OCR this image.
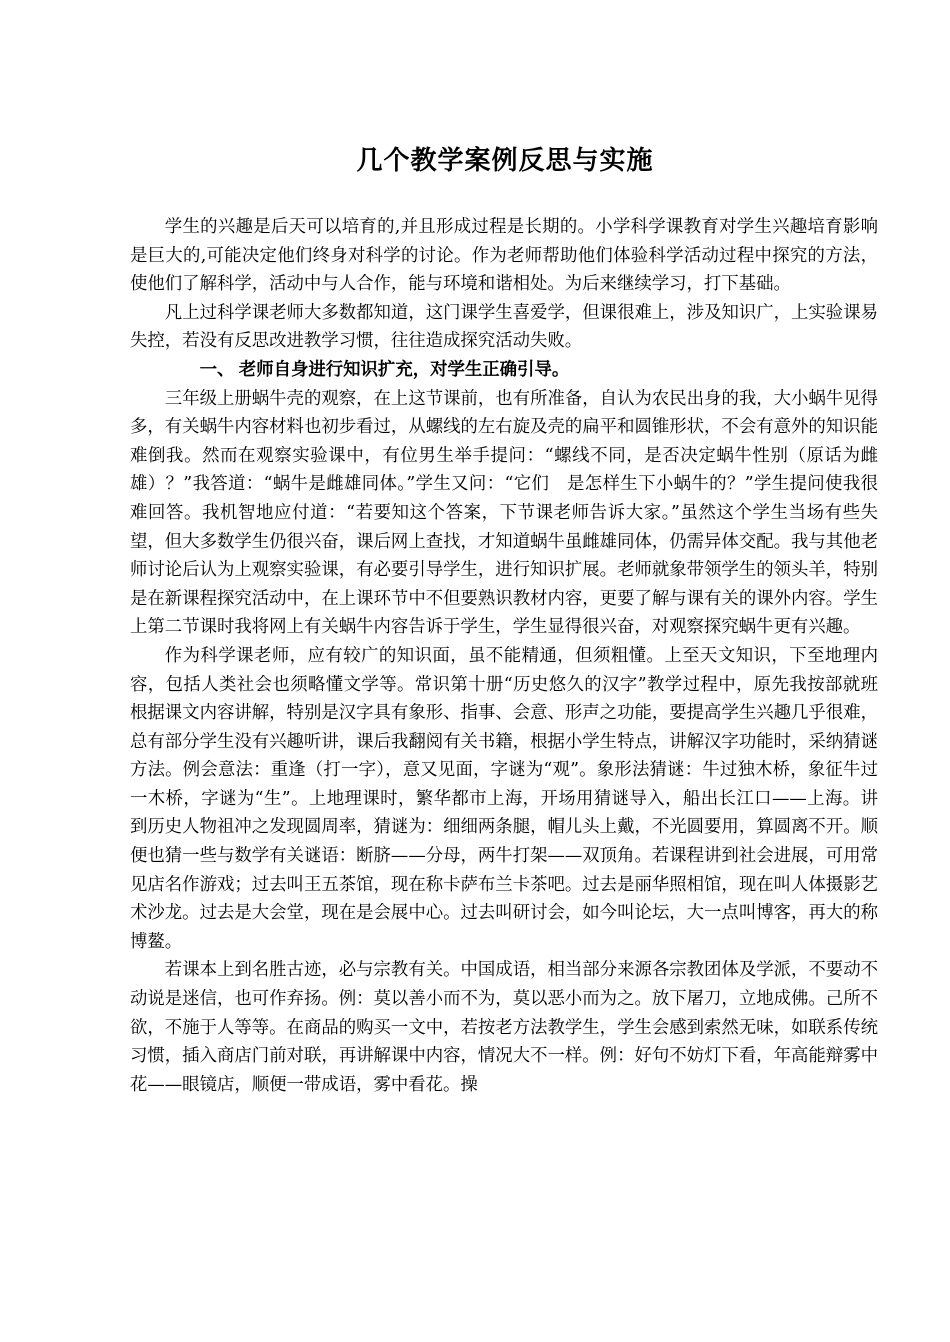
几个教学案例反思与实施

学生的兴趣是后天可以培育的,并且形成过程是长期的。小学科学课教育对学生兴趣培育影响是巨大的,可能决定他们终身对科学的讨论。作为老师帮助他们体验科学活动过程中探究的方法，使他们了解科学，活动中与人合作，能与环境和谐相处。为后来继续学习，打下基础。

凡上过科学课老师大多数都知道，这门课学生喜爱学，但课很难上，涉及知识广，上实验课易失控，若没有反思改进教学习惯，往往造成探究活动失败。

一、 老师自身进行知识扩充，对学生正确引导。

三年级上册蜗牛壳的观察，在上这节课前，也有所准备，自认为农民出身的我，大小蜗牛见得多，有关蜗牛内容材料也初步看过，从螺线的左右旋及壳的扁平和圆锥形状，不会有意外的知识能难倒我。然而在观察实验课中，有位男生举手提问：“螺线不同，是否决定蜗牛性别（原话为雌雄）？”我答道：“蜗牛是雌雄同体。”学生又问：“它们　是怎样生下小蜗牛的？”学生提问使我很难回答。我机智地应付道：“若要知这个答案，下节课老师告诉大家。”虽然这个学生当场有些失望，但大多数学生仍很兴奋，课后网上查找，才知道蜗牛虽雌雄同体，仍需异体交配。我与其他老师讨论后认为上观察实验课，有必要引导学生，进行知识扩展。老师就象带领学生的领头羊，特别是在新课程探究活动中，在上课环节中不但要熟识教材内容，更要了解与课有关的课外内容。学生上第二节课时我将网上有关蜗牛内容告诉于学生，学生显得很兴奋，对观察探究蜗牛更有兴趣。

作为科学课老师，应有较广的知识面，虽不能精通，但须粗懂。上至天文知识，下至地理内容，包括人类社会也须略懂文学等。常识第十册“历史悠久的汉字”教学过程中，原先我按部就班根据课文内容讲解，特别是汉字具有象形、指事、会意、形声之功能，要提高学生兴趣几乎很难，总有部分学生没有兴趣听讲，课后我翻阅有关书籍，根据小学生特点，讲解汉字功能时，采纳猜谜方法。例会意法：重逢（打一字），意又见面，字谜为“观”。象形法猜谜：牛过独木桥，象征牛过一木桥，字谜为“生”。上地理课时，繁华都市上海，开场用猜谜导入，船出长江口——上海。讲到历史人物祖冲之发现圆周率，猜谜为：细细两条腿，帽儿头上戴，不光圆要用，算圆离不开。顺便也猜一些与数学有关谜语：断脐——分母，两牛打架——双顶角。若课程讲到社会进展，可用常见店名作游戏；过去叫王五茶馆，现在称卡萨布兰卡茶吧。过去是丽华照相馆，现在叫人体摄影艺术沙龙。过去是大会堂，现在是会展中心。过去叫研讨会，如今叫论坛，大一点叫博客，再大的称博鳌。

若课本上到名胜古迹，必与宗教有关。中国成语，相当部分来源各宗教团体及学派，不要动不动说是迷信，也可作弃扬。例：莫以善小而不为，莫以恶小而为之。放下屠刀，立地成佛。己所不欲，不施于人等等。在商品的购买一文中，若按老方法教学生，学生会感到索然无味，如联系传统习惯，插入商店门前对联，再讲解课中内容，情况大不一样。例：好句不妨灯下看，年高能辩雾中花——眼镜店，顺便一带成语，雾中看花。操
